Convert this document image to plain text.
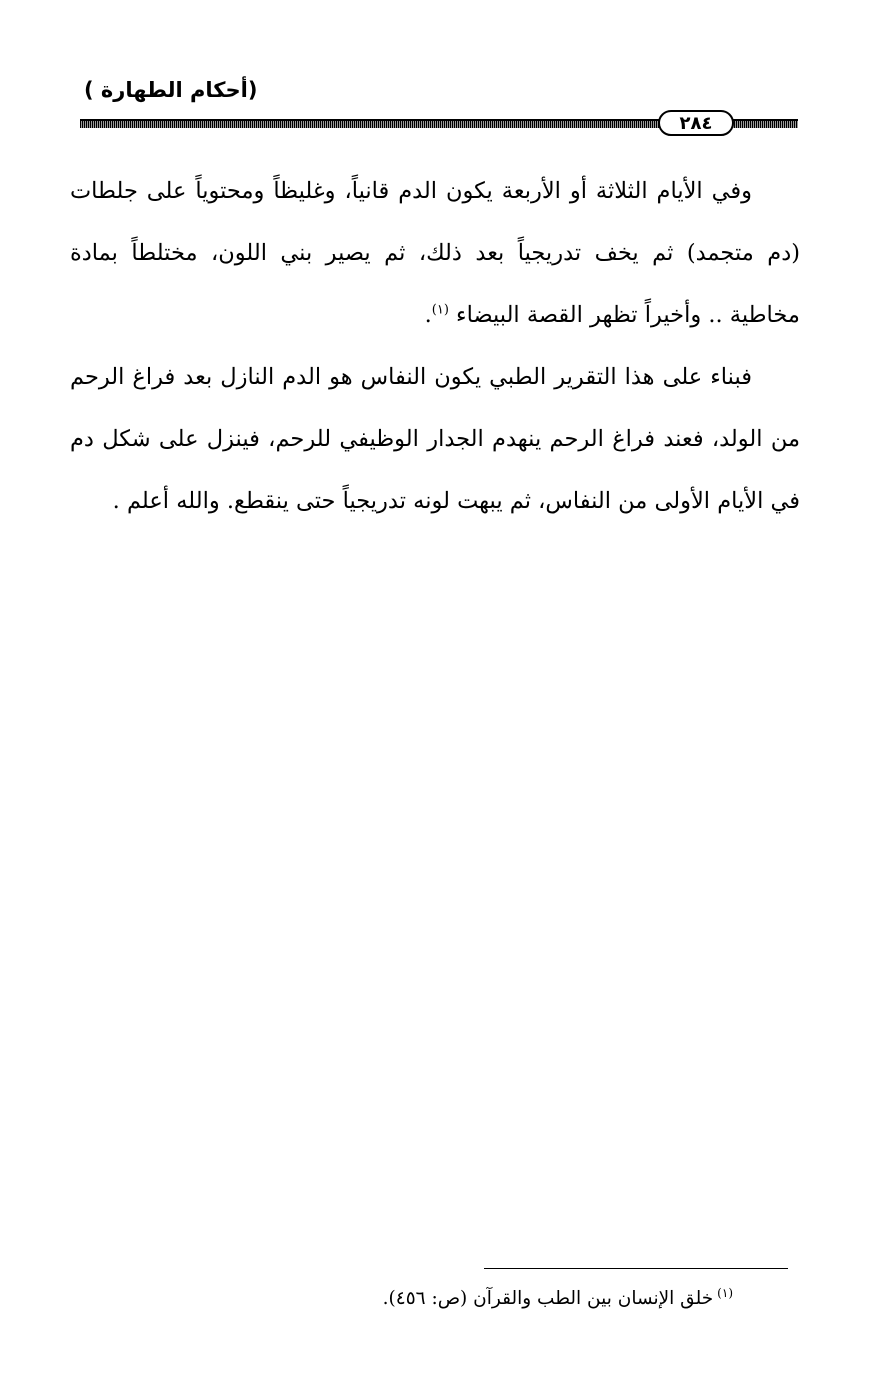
(أحكام الطهارة )
٢٨٤

وفي الأيام الثلاثة أو الأربعة يكون الدم قانياً، وغليظاً ومحتوياً على جلطات (دم متجمد) ثم يخف تدريجياً بعد ذلك، ثم يصير بني اللون، مختلطاً بمادة مخاطية .. وأخيراً تظهر القصة البيضاء $^{(١)}$.

فبناء على هذا التقرير الطبي يكون النفاس هو الدم النازل بعد فراغ الرحم من الولد، فعند فراغ الرحم ينهدم الجدار الوظيفي للرحم، فينزل على شكل دم في الأيام الأولى من النفاس، ثم يبهت لونه تدريجياً حتى ينقطع. والله أعلم .

$^{(١)}$خلق الإنسان بين الطب والقرآن (ص: ٤٥٦).
